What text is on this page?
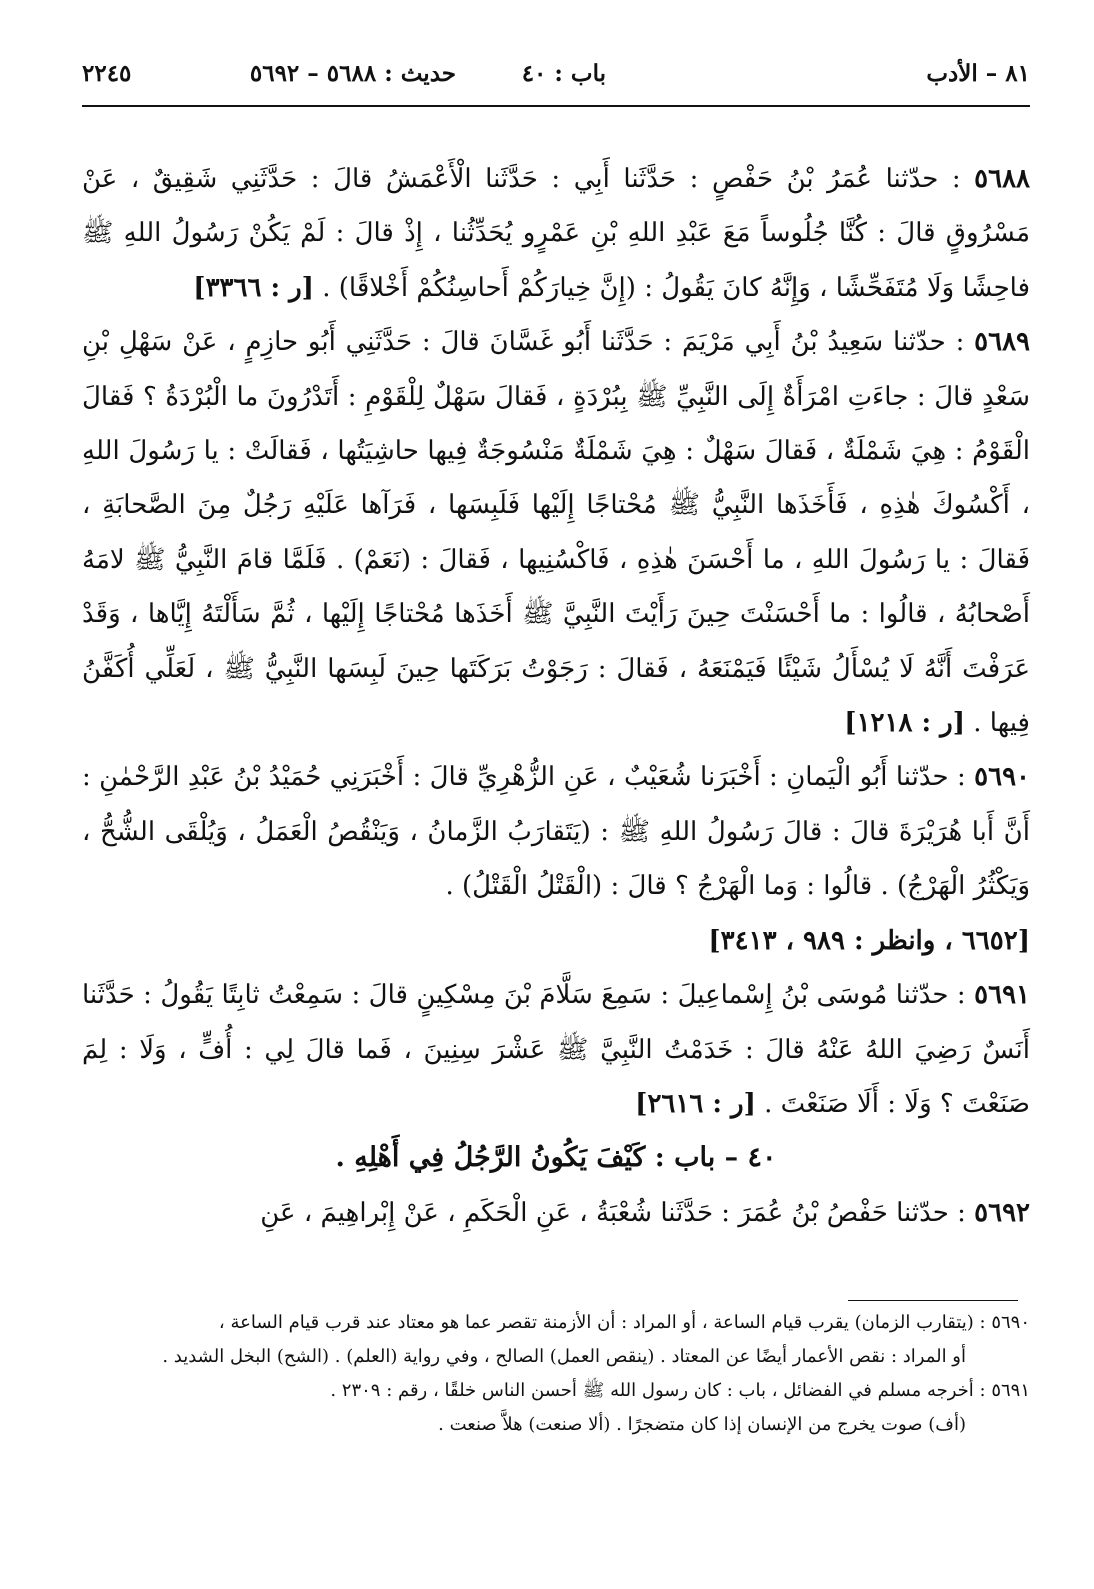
٨١ – الأدب
باب : ٤٠
حديث : ٥٦٨٨ – ٥٦٩٢
٢٢٤٥

٥٦٨٨ : حدّثنا عُمَرُ بْنُ حَفْصٍ : حَدَّثَنا أَبِي : حَدَّثَنا الْأَعْمَشُ قالَ : حَدَّثَنِي شَقِيقٌ ، عَنْ مَسْرُوقٍ قالَ : كُنَّا جُلُوساً مَعَ عَبْدِ اللهِ بْنِ عَمْرٍو يُحَدِّثُنا ، إِذْ قالَ : لَمْ يَكُنْ رَسُولُ اللهِ ﷺ فاحِشًا وَلَا مُتَفَحِّشًا ، وَإِنَّهُ كانَ يَقُولُ : (إِنَّ خِيارَكُمْ أَحاسِنُكُمْ أَخْلاقًا) . [ر : ٣٣٦٦]

٥٦٨٩ : حدّثنا سَعِيدُ بْنُ أَبِي مَرْيَمَ : حَدَّثَنا أَبُو غَسَّانَ قالَ : حَدَّثَنِي أَبُو حازِمٍ ، عَنْ سَهْلِ بْنِ سَعْدٍ قالَ : جاءَتِ امْرَأَةٌ إِلَى النَّبِيِّ ﷺ بِبُرْدَةٍ ، فَقالَ سَهْلٌ لِلْقَوْمِ : أَتَدْرُونَ ما الْبُرْدَةُ ؟ فَقالَ الْقَوْمُ : هِيَ شَمْلَةٌ ، فَقالَ سَهْلٌ : هِيَ شَمْلَةٌ مَنْسُوجَةٌ فِيها حاشِيَتُها ، فَقالَتْ : يا رَسُولَ اللهِ ، أَكْسُوكَ هٰذِهِ ، فَأَخَذَها النَّبِيُّ ﷺ مُحْتاجًا إِلَيْها فَلَبِسَها ، فَرَآها عَلَيْهِ رَجُلٌ مِنَ الصَّحابَةِ ، فَقالَ : يا رَسُولَ اللهِ ، ما أَحْسَنَ هٰذِهِ ، فَاكْسُنِيها ، فَقالَ : (نَعَمْ) . فَلَمَّا قامَ النَّبِيُّ ﷺ لامَهُ أَصْحابُهُ ، قالُوا : ما أَحْسَنْتَ حِينَ رَأَيْتَ النَّبِيَّ ﷺ أَخَذَها مُحْتاجًا إِلَيْها ، ثُمَّ سَأَلْتَهُ إِيَّاها ، وَقَدْ عَرَفْتَ أَنَّهُ لَا يُسْأَلُ شَيْئًا فَيَمْنَعَهُ ، فَقالَ : رَجَوْتُ بَرَكَتَها حِينَ لَبِسَها النَّبِيُّ ﷺ ، لَعَلِّي أُكَفَّنُ فِيها . [ر : ١٢١٨]

٥٦٩٠ : حدّثنا أَبُو الْيَمانِ : أَخْبَرَنا شُعَيْبٌ ، عَنِ الزُّهْرِيِّ قالَ : أَخْبَرَنِي حُمَيْدُ بْنُ عَبْدِ الرَّحْمٰنِ : أَنَّ أَبا هُرَيْرَةَ قالَ : قالَ رَسُولُ اللهِ ﷺ : (يَتَقارَبُ الزَّمانُ ، وَيَنْقُصُ الْعَمَلُ ، وَيُلْقَى الشُّحُّ ، وَيَكْثُرُ الْهَرْجُ) . قالُوا : وَما الْهَرْجُ ؟ قالَ : (الْقَتْلُ الْقَتْلُ) .

[٦٦٥٢ ، وانظر : ٩٨٩ ، ٣٤١٣]

٥٦٩١ : حدّثنا مُوسَى بْنُ إِسْماعِيلَ : سَمِعَ سَلَّامَ بْنَ مِسْكِينٍ قالَ : سَمِعْتُ ثابِتًا يَقُولُ : حَدَّثَنا أَنَسٌ رَضِيَ اللهُ عَنْهُ قالَ : خَدَمْتُ النَّبِيَّ ﷺ عَشْرَ سِنِينَ ، فَما قالَ لِي : أُفٍّ ، وَلَا : لِمَ صَنَعْتَ ؟ وَلَا : أَلَا صَنَعْتَ . [ر : ٢٦١٦]

٤٠ – باب : كَيْفَ يَكُونُ الرَّجُلُ فِي أَهْلِهِ .

٥٦٩٢ : حدّثنا حَفْصُ بْنُ عُمَرَ : حَدَّثَنا شُعْبَةُ ، عَنِ الْحَكَمِ ، عَنْ إِبْراهِيمَ ، عَنِ

٥٦٩٠ : (يتقارب الزمان) يقرب قيام الساعة ، أو المراد : أن الأزمنة تقصر عما هو معتاد عند قرب قيام الساعة ،

أو المراد : نقص الأعمار أيضًا عن المعتاد . (ينقص العمل) الصالح ، وفي رواية (العلم) . (الشح) البخل الشديد .

٥٦٩١ : أخرجه مسلم في الفضائل ، باب : كان رسول الله ﷺ أحسن الناس خلقًا ، رقم : ٢٣٠٩ .

(أف) صوت يخرج من الإنسان إذا كان متضجرًا . (ألا صنعت) هلاَّ صنعت .
